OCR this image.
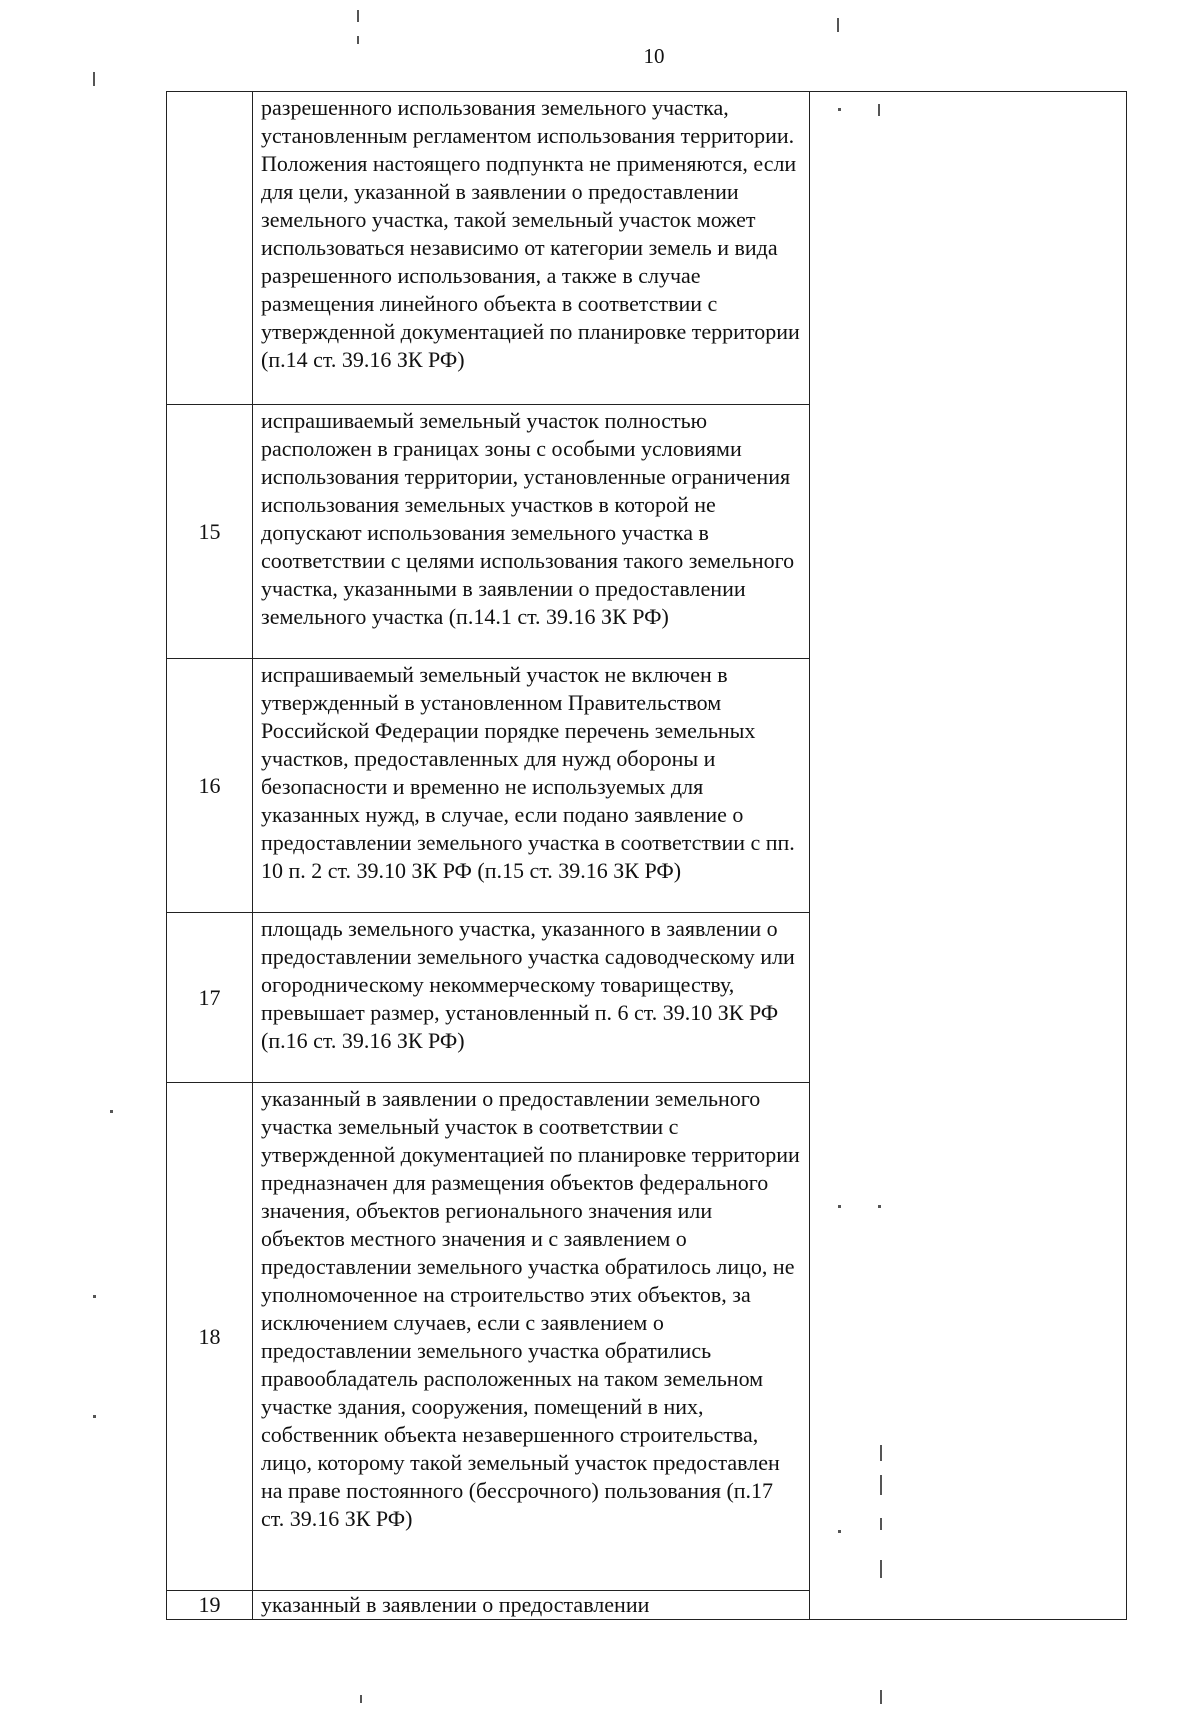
10

	разрешенного использования земельного участка, установленным регламентом использования территории. Положения настоящего подпункта не применяются, если для цели, указанной в заявлении о предоставлении земельного участка, такой земельный участок может использоваться независимо от категории земель и вида разрешенного использования, а также в случае размещения линейного объекта в соответствии с утвержденной документацией по планировке территории (п.14 ст. 39.16 ЗК РФ)	

15	испрашиваемый земельный участок полностью расположен в границах зоны с особыми условиями использования территории, установленные ограничения использования земельных участков в которой не допускают использования земельного участка в соответствии с целями использования такого земельного участка, указанными в заявлении о предоставлении земельного участка (п.14.1 ст. 39.16 ЗК РФ)	

16	испрашиваемый земельный участок не включен в утвержденный в установленном Правительством Российской Федерации порядке перечень земельных участков, предоставленных для нужд обороны и безопасности и временно не используемых для указанных нужд, в случае, если подано заявление о предоставлении земельного участка в соответствии с пп. 10 п. 2 ст. 39.10 ЗК РФ (п.15 ст. 39.16 ЗК РФ)	

17	площадь земельного участка, указанного в заявлении о предоставлении земельного участка садоводческому или огородническому некоммерческому товариществу, превышает размер, установленный п. 6 ст. 39.10 ЗК РФ (п.16 ст. 39.16 ЗК РФ)	

18	указанный в заявлении о предоставлении земельного участка земельный участок в соответствии с утвержденной документацией по планировке территории предназначен для размещения объектов федерального значения, объектов регионального значения или объектов местного значения и с заявлением о предоставлении земельного участка обратилось лицо, не уполномоченное на строительство этих объектов, за исключением случаев, если с заявлением о предоставлении земельного участка обратились правообладатель расположенных на таком земельном участке здания, сооружения, помещений в них, собственник объекта незавершенного строительства, лицо, которому такой земельный участок предоставлен на праве постоянного (бессрочного) пользования (п.17 ст. 39.16 ЗК РФ)	

19	указанный в заявлении о предоставлении	
